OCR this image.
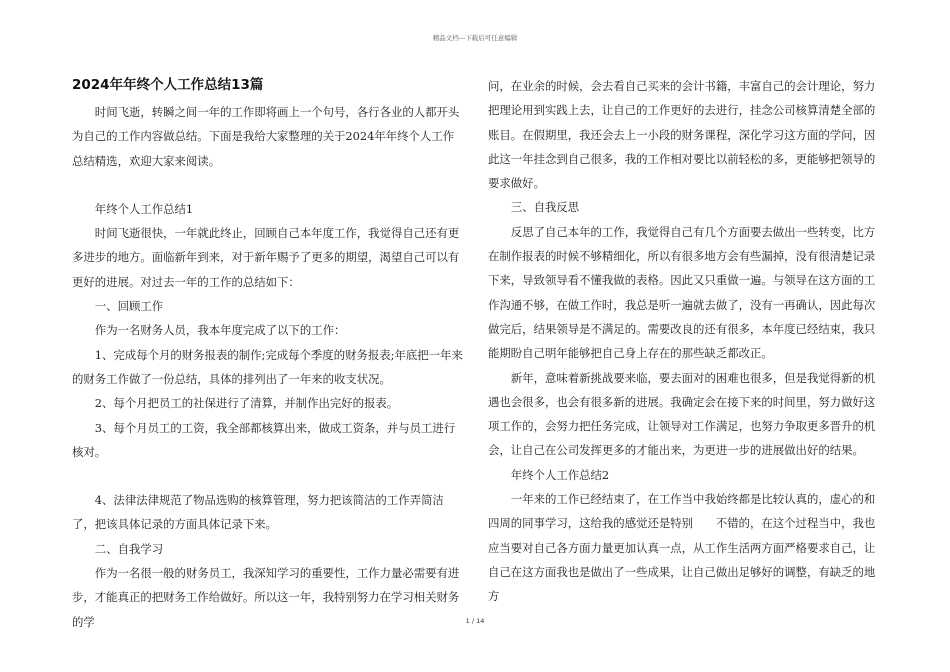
精品文档---下载后可任意编辑
2024年年终个人工作总结13篇

时间飞逝，转瞬之间一年的工作即将画上一个句号，各行各业的人都开头为自己的工作内容做总结。下面是我给大家整理的关于2024年年终个人工作总结精选，欢迎大家来阅读。

年终个人工作总结1

时间飞逝很快，一年就此终止，回顾自己本年度工作，我觉得自己还有更多进步的地方。面临新年到来，对于新年赐予了更多的期望，渴望自己可以有更好的进展。对过去一年的工作的总结如下：

一、回顾工作

作为一名财务人员，我本年度完成了以下的工作：

1、完成每个月的财务报表的制作;完成每个季度的财务报表;年底把一年来的财务工作做了一份总结，具体的排列出了一年来的收支状况。

2、每个月把员工的社保进行了清算，并制作出完好的报表。

3、每个月员工的工资，我全部都核算出来，做成工资条，并与员工进行核对。

4、法律法律规范了物品选购的核算管理，努力把该简洁的工作弄简洁了，把该具体记录的方面具体记录下来。

二、自我学习

作为一名很一般的财务员工，我深知学习的重要性，工作力量必需要有进步，才能真正的把财务工作给做好。所以这一年，我特别努力在学习相关财务的学

问，在业余的时候，会去看自己买来的会计书籍，丰富自己的会计理论，努力把理论用到实践上去，让自己的工作更好的去进行，挂念公司核算清楚全部的账目。在假期里，我还会去上一小段的财务课程，深化学习这方面的学问，因此这一年挂念到自己很多，我的工作相对要比以前轻松的多，更能够把领导的要求做好。

三、自我反思

反思了自己本年的工作，我觉得自己有几个方面要去做出一些转变，比方在制作报表的时候不够精细化，所以有很多地方会有些漏掉，没有很清楚记录下来，导致领导看不懂我做的表格。因此又只重做一遍。与领导在这方面的工作沟通不够，在做工作时，我总是听一遍就去做了，没有一再确认，因此每次做完后，结果领导是不满足的。需要改良的还有很多，本年度已经结束，我只能期盼自己明年能够把自己身上存在的那些缺乏都改正。

新年，意味着新挑战要来临，要去面对的困难也很多，但是我觉得新的机遇也会很多，也会有很多新的进展。我确定会在接下来的时间里，努力做好这项工作的，会努力把任务完成，让领导对工作满足，也努力争取更多晋升的机会，让自己在公司发挥更多的才能出来，为更进一步的进展做出好的结果。

年终个人工作总结2

一年来的工作已经结束了，在工作当中我始终都是比较认真的，虚心的和四周的同事学习，这给我的感觉还是特别　　不错的，在这个过程当中，我也应当要对自己各方面力量更加认真一点，从工作生活两方面严格要求自己，让自己在这方面我也是做出了一些成果，让自己做出足够好的调整，有缺乏的地方

1 / 14
